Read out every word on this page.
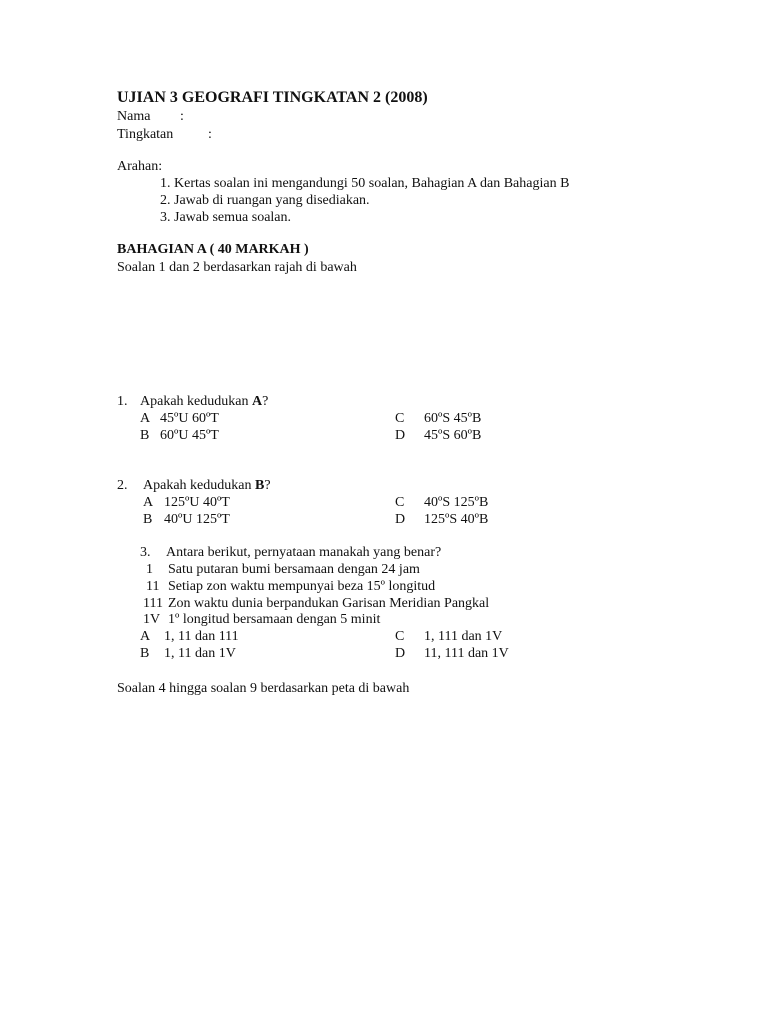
UJIAN 3 GEOGRAFI TINGKATAN 2 (2008)
Nama :
Tingkatan :
Arahan:
1. Kertas soalan ini mengandungi 50 soalan, Bahagian A dan Bahagian B
2. Jawab di ruangan yang disediakan.
3. Jawab semua soalan.
BAHAGIAN A ( 40 MARKAH )
Soalan 1 dan 2 berdasarkan rajah di bawah
1. Apakah kedudukan A?
A 45ºU 60ºT	C 60ºS 45ºB
B 60ºU 45ºT	D 45ºS 60ºB
2. Apakah kedudukan B?
A 125ºU 40ºT	C 40ºS 125ºB
B 40ºU 125ºT	D 125ºS 40ºB
3. Antara berikut, pernyataan manakah yang benar?
1 Satu putaran bumi bersamaan dengan 24 jam
11 Setiap zon waktu mempunyai beza 15º longitud
111 Zon waktu dunia berpandukan Garisan Meridian Pangkal
1V 1º longitud bersamaan dengan 5 minit
A 1, 11 dan 111	C 1, 111 dan 1V
B 1, 11 dan 1V	D 11, 111 dan 1V
Soalan 4 hingga soalan 9 berdasarkan peta di bawah
